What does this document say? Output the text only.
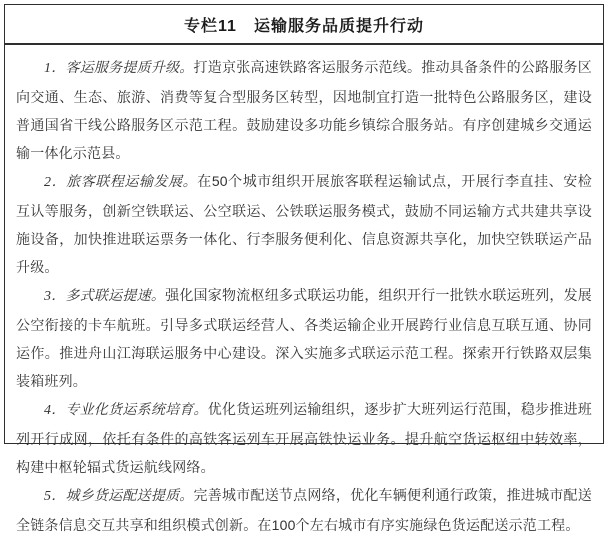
专栏11　运输服务品质提升行动

1．客运服务提质升级。打造京张高速铁路客运服务示范线。推动具备条件的公路服务区向交通、生态、旅游、消费等复合型服务区转型，因地制宜打造一批特色公路服务区，建设普通国省干线公路服务区示范工程。鼓励建设多功能乡镇综合服务站。有序创建城乡交通运输一体化示范县。

2．旅客联程运输发展。在50个城市组织开展旅客联程运输试点，开展行李直挂、安检互认等服务，创新空铁联运、公空联运、公铁联运服务模式，鼓励不同运输方式共建共享设施设备，加快推进联运票务一体化、行李服务便利化、信息资源共享化，加快空铁联运产品升级。

3．多式联运提速。强化国家物流枢纽多式联运功能，组织开行一批铁水联运班列，发展公空衔接的卡车航班。引导多式联运经营人、各类运输企业开展跨行业信息互联互通、协同运作。推进舟山江海联运服务中心建设。深入实施多式联运示范工程。探索开行铁路双层集装箱班列。

4．专业化货运系统培育。优化货运班列运输组织，逐步扩大班列运行范围，稳步推进班列开行成网，依托有条件的高铁客运列车开展高铁快运业务。提升航空货运枢纽中转效率，构建中枢轮辐式货运航线网络。

5．城乡货运配送提质。完善城市配送节点网络，优化车辆便利通行政策，推进城市配送全链条信息交互共享和组织模式创新。在100个左右城市有序实施绿色货运配送示范工程。
